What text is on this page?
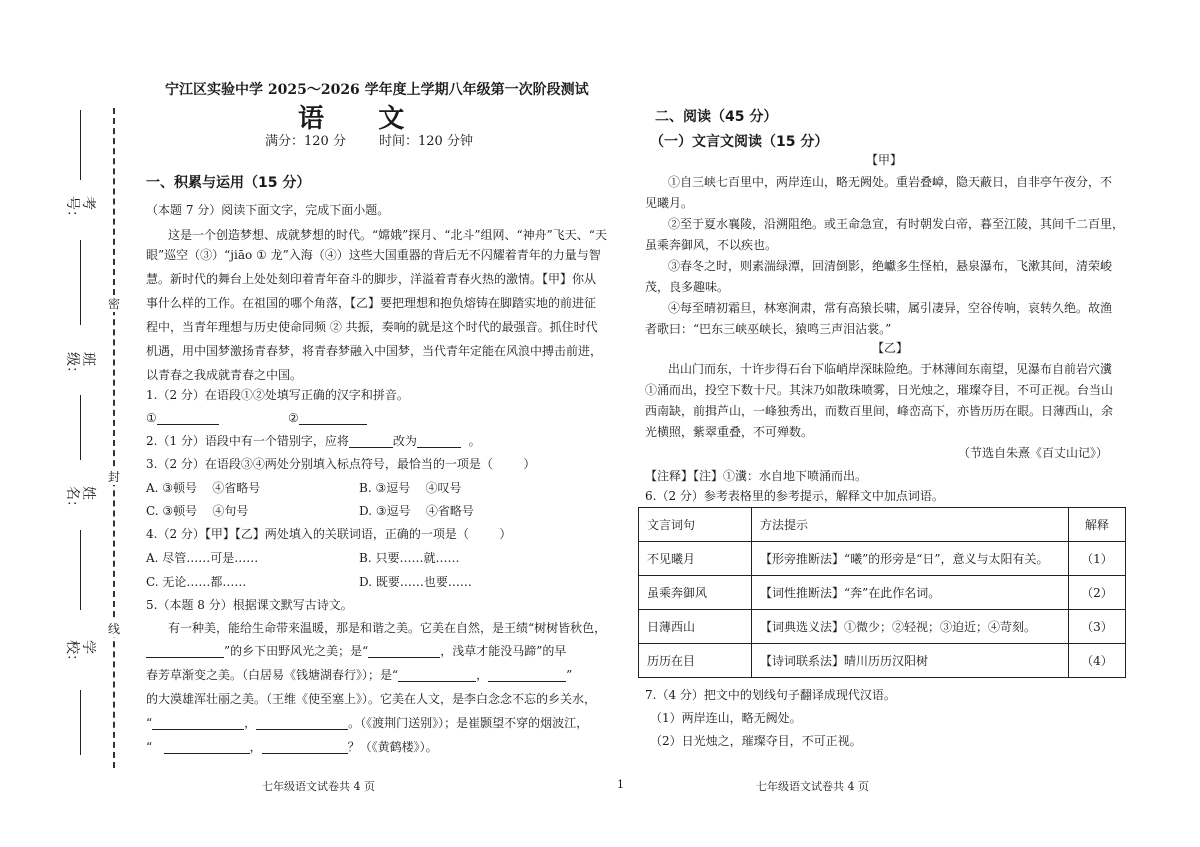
考号：
班级：
姓名：
学校：
密
封
线
宁江区实验中学 2025～2026 学年度上学期八年级第一次阶段测试
语      文
满分：120 分        时间：120 分钟
一、积累与运用（15 分）
（本题 7 分）阅读下面文字，完成下面小题。
这是一个创造梦想、成就梦想的时代。“嫦娥”探月、“北斗”组网、“神舟”飞天、“天
眼”巡空（③）“jiāo ① 龙”入海（④）这些大国重器的背后无不闪耀着青年的力量与智
慧。新时代的舞台上处处刻印着青年奋斗的脚步，洋溢着青春火热的激情。【甲】你从
事什么样的工作。在祖国的哪个角落，【乙】要把理想和抱负熔铸在脚踏实地的前进征
程中，当青年理想与历史使命同频 ② 共振，奏响的就是这个时代的最强音。抓住时代
机遇，用中国梦激扬青春梦，将青春梦融入中国梦，当代青年定能在风浪中搏击前进，
以青春之我成就青春之中国。
1.（2 分）在语段①②处填写正确的汉字和拼音。
①	②
2.（1 分）语段中有一个错别字，应将	改为	。
3.（2 分）在语段③④两处分别填入标点符号，最恰当的一项是（        ）
A. ③顿号    ④省略号	B. ③逗号    ④叹号
C. ③顿号    ④句号	D. ③逗号    ④省略号
4.（2 分）【甲】【乙】两处填入的关联词语，正确的一项是（        ）
A. 尽管……可是……	B. 只要……就……
C. 无论……都……	D. 既要……也要……
5.（本题 8 分）根据课文默写古诗文。
有一种美，能给生命带来温暖，那是和谐之美。它美在自然，是王绩“树树皆秋色，
”的乡下田野风光之美；是“	，浅草才能没马蹄”的早
春芳草渐变之美。（白居易《钱塘湖春行》）；是“	，	”
的大漠雄浑壮丽之美。（王维《使至塞上》）。它美在人文，是李白念念不忘的乡关水，
“	，	。（《渡荆门送别》）；是崔颢望不穿的烟波江，
“	，	？（《黄鹤楼》）。
二、阅读（45 分）
（一）文言文阅读（15 分）
【甲】
①自三峡七百里中，两岸连山，略无阙处。重岩叠嶂，隐天蔽日，自非亭午夜分，不
见曦月。
②至于夏水襄陵，沿溯阻绝。或王命急宣，有时朝发白帝，暮至江陵，其间千二百里，
虽乘奔御风，不以疾也。
③春冬之时，则素湍绿潭，回清倒影，绝巘多生怪柏，悬泉瀑布，飞漱其间，清荣峻
茂，良多趣味。
④每至晴初霜旦，林寒涧肃，常有高猿长啸，属引凄异，空谷传响，哀转久绝。故渔
者歌曰：“巴东三峡巫峡长，猿鸣三声泪沾裳。”
【乙】
出山门而东，十许步得石台下临峭岸深昧险绝。于林薄间东南望，见瀑布自前岩穴瀵
①涌而出，投空下数十尺。其沫乃如散珠喷雾，日光烛之，璀璨夺目，不可正视。台当山
西南缺，前揖芦山，一峰独秀出，而数百里间，峰峦高下，亦皆历历在眼。日薄西山，余
光横照，紫翠重叠，不可殚数。
（节选自朱熹《百丈山记》）
【注释】【注】①瀵：水自地下喷涌而出。
6.（2 分）参考表格里的参考提示，解释文中加点词语。
文言词句	方法提示	解释
不见曦月	【形旁推断法】“曦”的形旁是“日”，意义与太阳有关。	（1）
虽乘奔御风	【词性推断法】“奔”在此作名词。	（2）
日薄西山	【词典选义法】①微少；②轻视；③迫近；④苛刻。	（3）
历历在目	【诗词联系法】晴川历历汉阳树	（4）
7.（4 分）把文中的划线句子翻译成现代汉语。
（1）两岸连山，略无阙处。
（2）日光烛之，璀璨夺目，不可正视。
七年级语文试卷共 4 页	1	七年级语文试卷共 4 页
